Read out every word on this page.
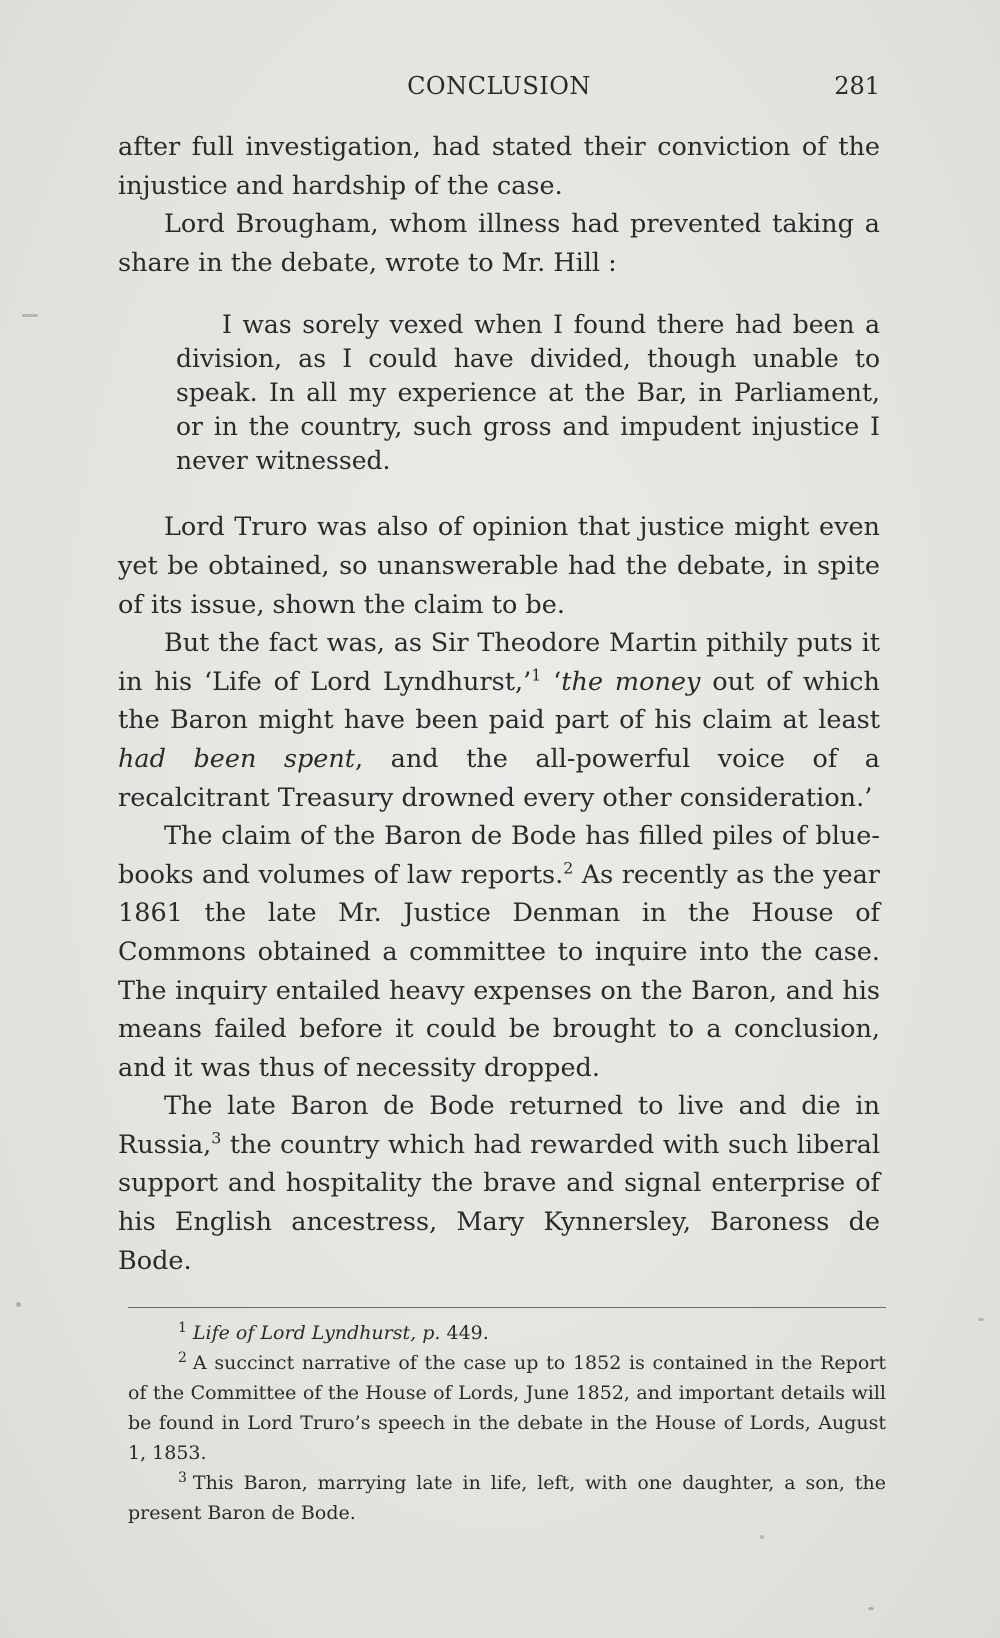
CONCLUSION	281

after full investigation, had stated their conviction of the injustice and hardship of the case.

Lord Brougham, whom illness had prevented taking a share in the debate, wrote to Mr. Hill :

I was sorely vexed when I found there had been a division, as I could have divided, though unable to speak. In all my experience at the Bar, in Parliament, or in the country, such gross and impudent injustice I never witnessed.

Lord Truro was also of opinion that justice might even yet be obtained, so unanswerable had the debate, in spite of its issue, shown the claim to be.

But the fact was, as Sir Theodore Martin pithily puts it in his ‘Life of Lord Lyndhurst,’$^1$ ‘the money out of which the Baron might have been paid part of his claim at least had been spent, and the all-powerful voice of a recalcitrant Treasury drowned every other consideration.’

The claim of the Baron de Bode has filled piles of blue-books and volumes of law reports.$^2$ As recently as the year 1861 the late Mr. Justice Denman in the House of Commons obtained a committee to inquire into the case. The inquiry entailed heavy expenses on the Baron, and his means failed before it could be brought to a conclusion, and it was thus of necessity dropped.

The late Baron de Bode returned to live and die in Russia,$^3$ the country which had rewarded with such liberal support and hospitality the brave and signal enterprise of his English ancestress, Mary Kynnersley, Baroness de Bode.

$^1$ Life of Lord Lyndhurst, p. 449.

$^2$ A succinct narrative of the case up to 1852 is contained in the Report of the Committee of the House of Lords, June 1852, and important details will be found in Lord Truro’s speech in the debate in the House of Lords, August 1, 1853.

$^3$ This Baron, marrying late in life, left, with one daughter, a son, the present Baron de Bode.
